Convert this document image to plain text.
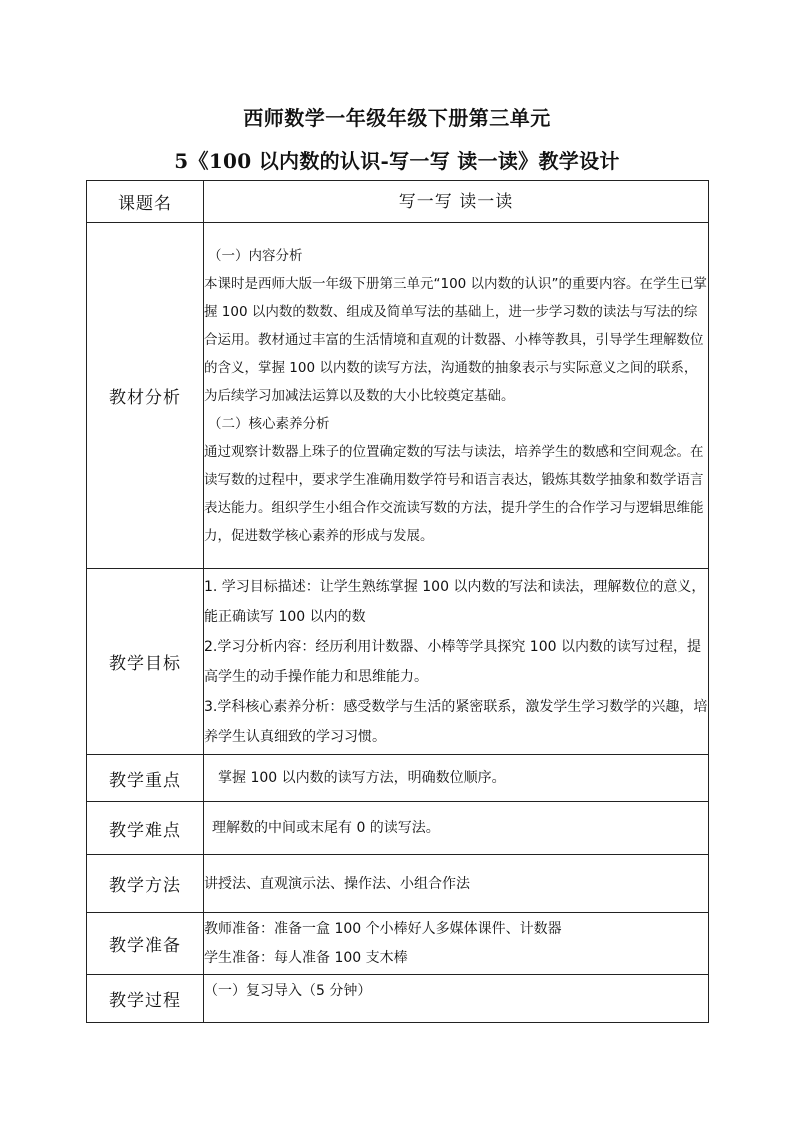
西师数学一年级年级下册第三单元
5《100 以内数的认识-写一写 读一读》教学设计
课题名	写一写 读一读
教材分析	（一）内容分析

本课时是西师大版一年级下册第三单元“100 以内数的认识”的重要内容。在学生已掌握 100 以内数的数数、组成及简单写法的基础上，进一步学习数的读法与写法的综合运用。教材通过丰富的生活情境和直观的计数器、小棒等教具，引导学生理解数位的含义，掌握 100 以内数的读写方法，沟通数的抽象表示与实际意义之间的联系，为后续学习加减法运算以及数的大小比较奠定基础。

（二）核心素养分析

通过观察计数器上珠子的位置确定数的写法与读法，培养学生的数感和空间观念。在读写数的过程中，要求学生准确用数学符号和语言表达，锻炼其数学抽象和数学语言表达能力。组织学生小组合作交流读写数的方法，提升学生的合作学习与逻辑思维能力，促进数学核心素养的形成与发展。

教学目标	1. 学习目标描述：让学生熟练掌握 100 以内数的写法和读法，理解数位的意义，能正确读写 100 以内的数

2.学习分析内容：经历利用计数器、小棒等学具探究 100 以内数的读写过程，提高学生的动手操作能力和思维能力。

3.学科核心素养分析：感受数学与生活的紧密联系，激发学生学习数学的兴趣，培养学生认真细致的学习习惯。

教学重点	掌握 100 以内数的读写方法，明确数位顺序。
教学难点	理解数的中间或末尾有 0 的读写法。
教学方法	讲授法、直观演示法、操作法、小组合作法
教学准备	教师准备：准备一盒 100 个小棒好人多媒体课件、计数器

学生准备：每人准备 100 支木棒

教学过程	（一）复习导入（5 分钟）
